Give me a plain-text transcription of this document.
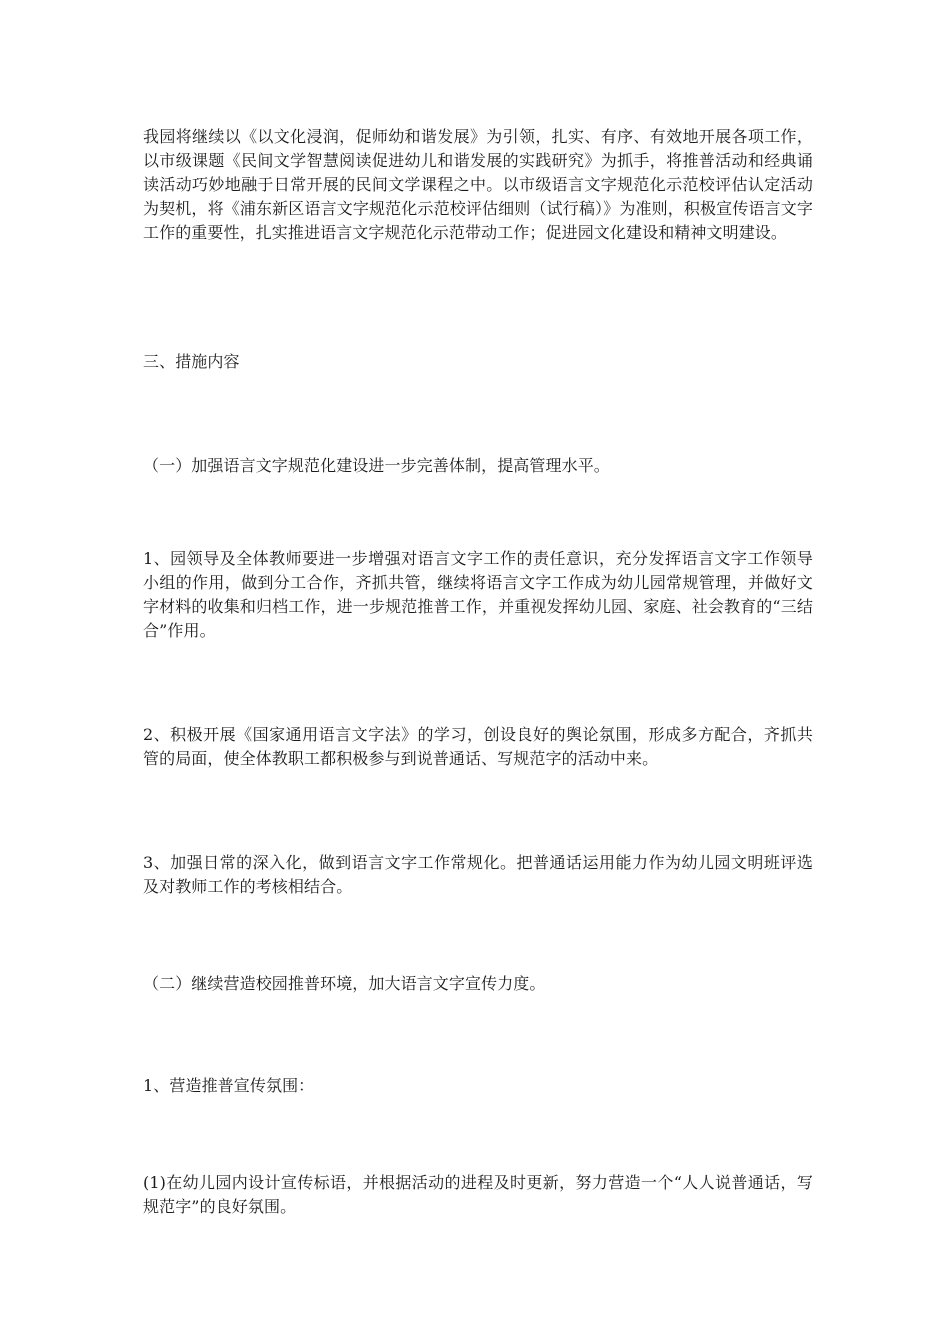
我园将继续以《以文化浸润，促师幼和谐发展》为引领，扎实、有序、有效地开展各项工作，以市级课题《民间文学智慧阅读促进幼儿和谐发展的实践研究》为抓手，将推普活动和经典诵读活动巧妙地融于日常开展的民间文学课程之中。以市级语言文字规范化示范校评估认定活动为契机，将《浦东新区语言文字规范化示范校评估细则（试行稿）》为准则，积极宣传语言文字工作的重要性，扎实推进语言文字规范化示范带动工作；促进园文化建设和精神文明建设。

三、措施内容

（一）加强语言文字规范化建设进一步完善体制，提高管理水平。

1、园领导及全体教师要进一步增强对语言文字工作的责任意识，充分发挥语言文字工作领导小组的作用，做到分工合作，齐抓共管，继续将语言文字工作成为幼儿园常规管理，并做好文字材料的收集和归档工作，进一步规范推普工作，并重视发挥幼儿园、家庭、社会教育的“三结合”作用。

2、积极开展《国家通用语言文字法》的学习，创设良好的舆论氛围，形成多方配合，齐抓共管的局面，使全体教职工都积极参与到说普通话、写规范字的活动中来。

3、加强日常的深入化，做到语言文字工作常规化。把普通话运用能力作为幼儿园文明班评选及对教师工作的考核相结合。

（二）继续营造校园推普环境，加大语言文字宣传力度。

1、营造推普宣传氛围：

(1)在幼儿园内设计宣传标语，并根据活动的进程及时更新，努力营造一个“人人说普通话，写规范字”的良好氛围。
